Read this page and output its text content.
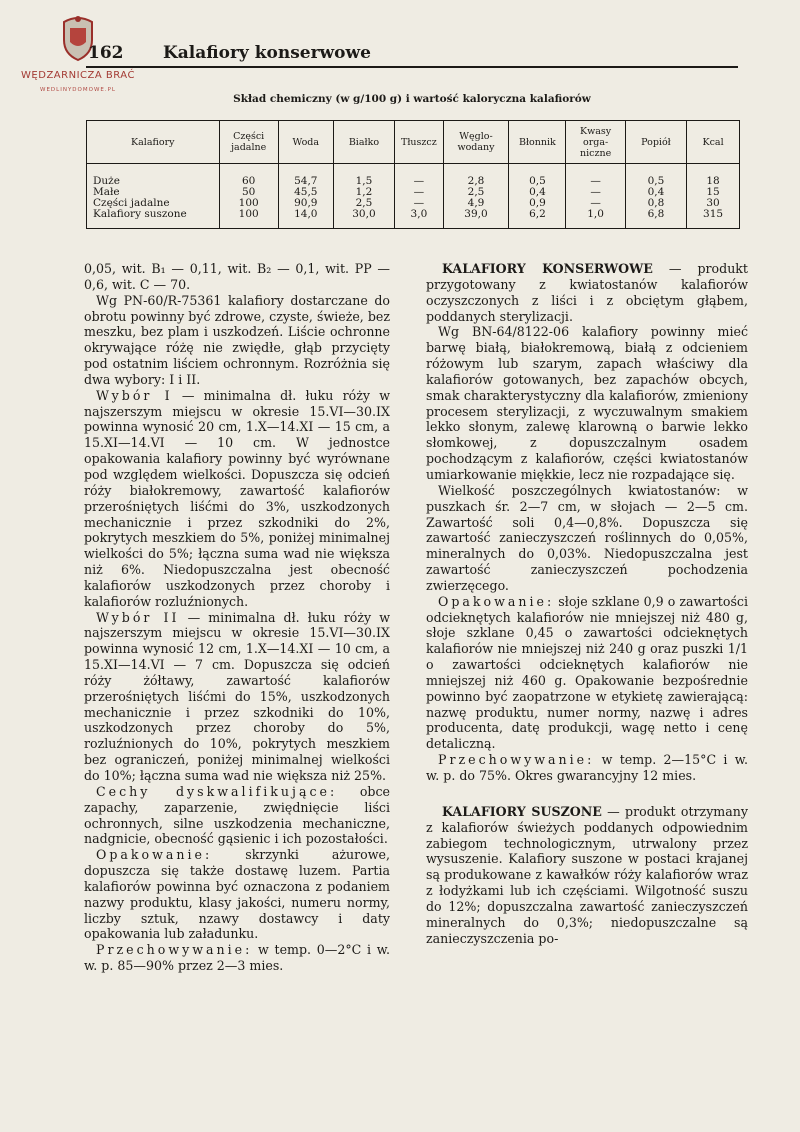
WĘDZARNICZA BRAĆ
WEDLINYDOMOWE.PL
162 Kalafiory konserwowe
Skład chemiczny (w g/100 g) i wartość kaloryczna kalafiorów
Kalafiory	Części jadalne	Woda	Białko	Tłuszcz	Węglo-wodany	Błonnik	Kwasy orga-niczne	Popiół	Kcal
Duże	60	54,7	1,5	—	2,8	0,5	—	0,5	18
Małe	50	45,5	1,2	—	2,5	0,4	—	0,4	15
Części jadalne	100	90,9	2,5	—	4,9	0,9	—	0,8	30
Kalafiory suszone	100	14,0	30,0	3,0	39,0	6,2	1,0	6,8	315

0,05, wit. B₁ — 0,11, wit. B₂ — 0,1, wit. PP — 0,6, wit. C — 70.

Wg PN-60/R-75361 kalafiory dostarczane do obrotu powinny być zdrowe, czyste, świeże, bez meszku, bez plam i uszkodzeń. Liście ochronne okrywające różę nie zwiędłe, głąb przycięty pod ostatnim liściem ochronnym. Rozróżnia się dwa wybory: I i II.

Wybór I — minimalna dł. łuku róży w najszerszym miejscu w okresie 15.VI—30.IX powinna wynosić 20 cm, 1.X—14.XI — 15 cm, a 15.XI—14.VI — 10 cm. W jednostce opakowania kalafiory powinny być wyrównane pod względem wielkości. Dopuszcza się odcień róży białokremowy, zawartość kalafiorów przerośniętych liśćmi do 3%, uszkodzonych mechanicznie i przez szkodniki do 2%, pokrytych meszkiem do 5%, poniżej minimalnej wielkości do 5%; łączna suma wad nie większa niż 6%. Niedopuszczalna jest obecność kalafiorów uszkodzonych przez choroby i kalafiorów rozluźnionych.

Wybór II — minimalna dł. łuku róży w najszerszym miejscu w okresie 15.VI—30.IX powinna wynosić 12 cm, 1.X—14.XI — 10 cm, a 15.XI—14.VI — 7 cm. Dopuszcza się odcień róży żółtawy, zawartość kalafiorów przerośniętych liśćmi do 15%, uszkodzonych mechanicznie i przez szkodniki do 10%, uszkodzonych przez choroby do 5%, rozluźnionych do 10%, pokrytych meszkiem bez ograniczeń, poniżej minimalnej wielkości do 10%; łączna suma wad nie większa niż 25%.

Cechy dyskwalifikujące: obce zapachy, zaparzenie, zwiędnięcie liści ochronnych, silne uszkodzenia mechaniczne, nadgnicie, obecność gąsienic i ich pozostałości.

Opakowanie: skrzynki ażurowe, dopuszcza się także dostawę luzem. Partia kalafiorów powinna być oznaczona z podaniem nazwy produktu, klasy jakości, numeru normy, liczby sztuk, nzawy dostawcy i daty opakowania lub załadunku.

Przechowywanie: w temp. 0—2°C i w. w. p. 85—90% przez 2—3 mies.

KALAFIORY KONSERWOWE — produkt przygotowany z kwiatostanów kalafiorów oczyszczonych z liści i z obciętym głąbem, poddanych sterylizacji.

Wg BN-64/8122-06 kalafiory powinny mieć barwę białą, białokremową, białą z odcieniem różowym lub szarym, zapach właściwy dla kalafiorów gotowanych, bez zapachów obcych, smak charakterystyczny dla kalafiorów, zmieniony procesem sterylizacji, z wyczuwalnym smakiem lekko słonym, zalewę klarowną o barwie lekko słomkowej, z dopuszczalnym osadem pochodzącym z kalafiorów, części kwiatostanów umiarkowanie miękkie, lecz nie rozpadające się.

Wielkość poszczególnych kwiatostanów: w puszkach śr. 2—7 cm, w słojach — 2—5 cm. Zawartość soli 0,4—0,8%. Dopuszcza się zawartość zanieczyszczeń roślinnych do 0,05%, mineralnych do 0,03%. Niedopuszczalna jest zawartość zanieczyszczeń pochodzenia zwierzęcego.

Opakowanie: słoje szklane 0,9 o zawartości odcieknętych kalafiorów nie mniejszej niż 480 g, słoje szklane 0,45 o zawartości odcieknętych kalafiorów nie mniejszej niż 240 g oraz puszki 1/1 o zawartości odcieknętych kalafiorów nie mniejszej niż 460 g. Opakowanie bezpośrednie powinno być zaopatrzone w etykietę zawierającą: nazwę produktu, numer normy, nazwę i adres producenta, datę produkcji, wagę netto i cenę detaliczną.

Przechowywanie: w temp. 2—15°C i w. w. p. do 75%. Okres gwarancyjny 12 mies.

KALAFIORY SUSZONE — produkt otrzymany z kalafiorów świeżych poddanych odpowiednim zabiegom technologicznym, utrwalony przez wysuszenie. Kalafiory suszone w postaci krajanej są produkowane z kawałków róży kalafiorów wraz z łodyżkami lub ich częściami. Wilgotność suszu do 12%; dopuszczalna zawartość zanieczyszczeń mineralnych do 0,3%; niedopuszczalne są zanieczyszczenia po-
